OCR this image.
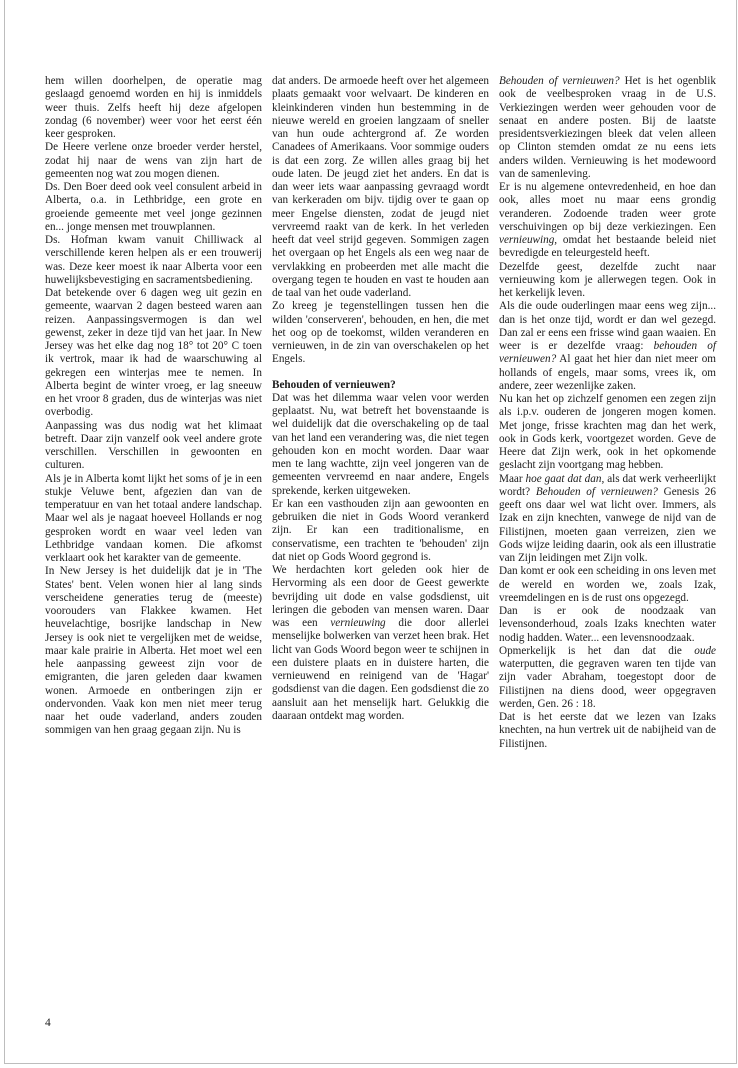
hem willen doorhelpen, de operatie mag geslaagd genoemd worden en hij is inmiddels weer thuis. Zelfs heeft hij deze afgelopen zondag (6 november) weer voor het eerst één keer gesproken.

De Heere verlene onze broeder verder herstel, zodat hij naar de wens van zijn hart de gemeenten nog wat zou mogen dienen.

Ds. Den Boer deed ook veel consulent arbeid in Alberta, o.a. in Lethbridge, een grote en groeiende gemeente met veel jonge gezinnen en... jonge mensen met trouwplannen.

Ds. Hofman kwam vanuit Chilliwack al verschillende keren helpen als er een trouwerij was. Deze keer moest ik naar Alberta voor een huwelijksbevestiging en sacramentsbediening.

Dat betekende over 6 dagen weg uit gezin en gemeente, waarvan 2 dagen besteed waren aan reizen. Aanpassingsvermogen is dan wel gewenst, zeker in deze tijd van het jaar. In New Jersey was het elke dag nog 18° tot 20° C toen ik vertrok, maar ik had de waarschuwing al gekregen een winterjas mee te nemen. In Alberta begint de winter vroeg, er lag sneeuw en het vroor 8 graden, dus de winterjas was niet overbodig.

Aanpassing was dus nodig wat het klimaat betreft. Daar zijn vanzelf ook veel andere grote verschillen. Verschillen in gewoonten en culturen.

Als je in Alberta komt lijkt het soms of je in een stukje Veluwe bent, afgezien dan van de temperatuur en van het totaal andere landschap. Maar wel als je nagaat hoeveel Hollands er nog gesproken wordt en waar veel leden van Lethbridge vandaan komen. Die afkomst verklaart ook het karakter van de gemeente.

In New Jersey is het duidelijk dat je in 'The States' bent. Velen wonen hier al lang sinds verscheidene generaties terug de (meeste) voorouders van Flakkee kwamen. Het heuvelachtige, bosrijke landschap in New Jersey is ook niet te vergelijken met de weidse, maar kale prairie in Alberta. Het moet wel een hele aanpassing geweest zijn voor de emigranten, die jaren geleden daar kwamen wonen. Armoede en ontberingen zijn er ondervonden. Vaak kon men niet meer terug naar het oude vaderland, anders zouden sommigen van hen graag gegaan zijn. Nu is

dat anders. De armoede heeft over het algemeen plaats gemaakt voor welvaart. De kinderen en kleinkinderen vinden hun bestemming in de nieuwe wereld en groeien langzaam of sneller van hun oude achtergrond af. Ze worden Canadees of Amerikaans. Voor sommige ouders is dat een zorg. Ze willen alles graag bij het oude laten. De jeugd ziet het anders. En dat is dan weer iets waar aanpassing gevraagd wordt van kerkeraden om bijv. tijdig over te gaan op meer Engelse diensten, zodat de jeugd niet vervreemd raakt van de kerk. In het verleden heeft dat veel strijd gegeven. Sommigen zagen het overgaan op het Engels als een weg naar de vervlakking en probeerden met alle macht die overgang tegen te houden en vast te houden aan de taal van het oude vaderland.

Zo kreeg je tegenstellingen tussen hen die wilden 'conserveren', behouden, en hen, die met het oog op de toekomst, wilden veranderen en vernieuwen, in de zin van overschakelen op het Engels.

Behouden of vernieuwen?

Dat was het dilemma waar velen voor werden geplaatst. Nu, wat betreft het bovenstaande is wel duidelijk dat die overschakeling op de taal van het land een verandering was, die niet tegen gehouden kon en mocht worden. Daar waar men te lang wachtte, zijn veel jongeren van de gemeenten vervreemd en naar andere, Engels sprekende, kerken uitgeweken.

Er kan een vasthouden zijn aan gewoonten en gebruiken die niet in Gods Woord verankerd zijn. Er kan een traditionalisme, en conservatisme, een trachten te 'behouden' zijn dat niet op Gods Woord gegrond is.

We herdachten kort geleden ook hier de Hervorming als een door de Geest gewerkte bevrijding uit dode en valse godsdienst, uit leringen die geboden van mensen waren. Daar was een vernieuwing die door allerlei menselijke bolwerken van verzet heen brak. Het licht van Gods Woord begon weer te schijnen in een duistere plaats en in duistere harten, die vernieuwend en reinigend van de 'Hagar' godsdienst van die dagen. Een godsdienst die zo aansluit aan het menselijk hart. Gelukkig die daaraan ontdekt mag worden.

Behouden of vernieuwen? Het is het ogenblik ook de veelbesproken vraag in de U.S. Verkiezingen werden weer gehouden voor de senaat en andere posten. Bij de laatste presidentsverkiezingen bleek dat velen alleen op Clinton stemden omdat ze nu eens iets anders wilden. Vernieuwing is het modewoord van de samenleving.

Er is nu algemene ontevredenheid, en hoe dan ook, alles moet nu maar eens grondig veranderen. Zodoende traden weer grote verschuivingen op bij deze verkiezingen. Een vernieuwing, omdat het bestaande beleid niet bevredigde en teleurgesteld heeft.

Dezelfde geest, dezelfde zucht naar vernieuwing kom je allerwegen tegen. Ook in het kerkelijk leven.

Als die oude ouderlingen maar eens weg zijn... dan is het onze tijd, wordt er dan wel gezegd. Dan zal er eens een frisse wind gaan waaien. En weer is er dezelfde vraag: behouden of vernieuwen? Al gaat het hier dan niet meer om hollands of engels, maar soms, vrees ik, om andere, zeer wezenlijke zaken.

Nu kan het op zichzelf genomen een zegen zijn als i.p.v. ouderen de jongeren mogen komen. Met jonge, frisse krachten mag dan het werk, ook in Gods kerk, voortgezet worden. Geve de Heere dat Zijn werk, ook in het opkomende geslacht zijn voortgang mag hebben.

Maar hoe gaat dat dan, als dat werk verheerlijkt wordt? Behouden of vernieuwen? Genesis 26 geeft ons daar wel wat licht over. Immers, als Izak en zijn knechten, vanwege de nijd van de Filistijnen, moeten gaan verreizen, zien we Gods wijze leiding daarin, ook als een illustratie van Zijn leidingen met Zijn volk.

Dan komt er ook een scheiding in ons leven met de wereld en worden we, zoals Izak, vreemdelingen en is de rust ons opgezegd.

Dan is er ook de noodzaak van levensonderhoud, zoals Izaks knechten water nodig hadden. Water... een levensnoodzaak.

Opmerkelijk is het dan dat die oude waterputten, die gegraven waren ten tijde van zijn vader Abraham, toegestopt door de Filistijnen na diens dood, weer opgegraven werden, Gen. 26 : 18.

Dat is het eerste dat we lezen van Izaks knechten, na hun vertrek uit de nabijheid van de Filistijnen.

4
